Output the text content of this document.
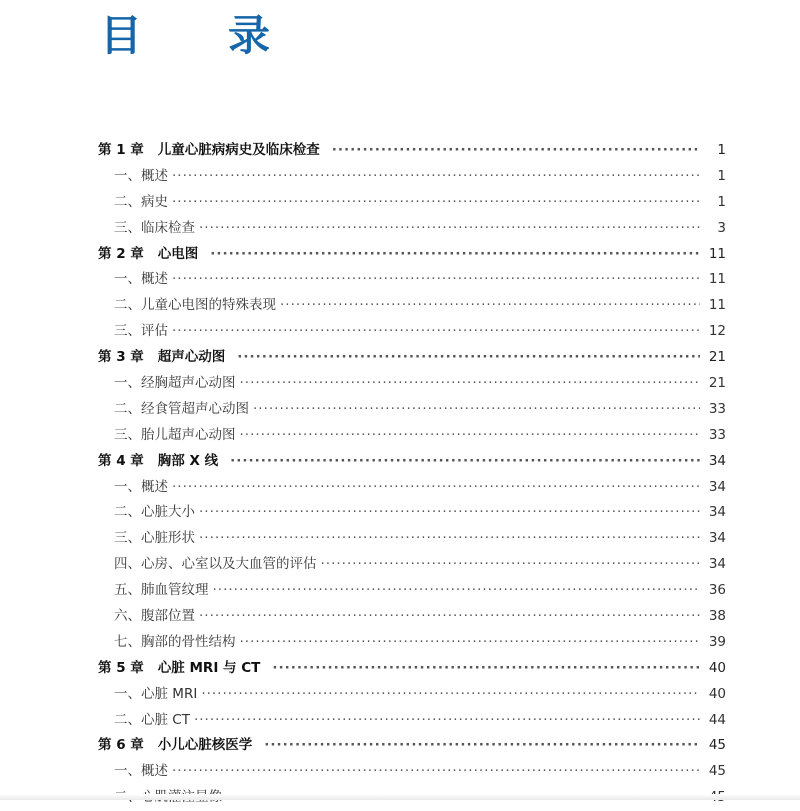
目　录
第 1 章 儿童心脏病病史及临床检查 ·····	1
一、概述 ·····	1
二、病史 ·····	1
三、临床检查 ·····	3
第 2 章 心电图 ·····	11
一、概述 ·····	11
二、儿童心电图的特殊表现 ·····	11
三、评估 ·····	12
第 3 章 超声心动图 ·····	21
一、经胸超声心动图 ·····	21
二、经食管超声心动图 ·····	33
三、胎儿超声心动图 ·····	33
第 4 章 胸部 X 线 ·····	34
一、概述 ·····	34
二、心脏大小 ·····	34
三、心脏形状 ·····	34
四、心房、心室以及大血管的评估 ·····	34
五、肺血管纹理 ·····	36
六、腹部位置 ·····	38
七、胸部的骨性结构 ·····	39
第 5 章 心脏 MRI 与 CT ·····	40
一、心脏 MRI ·····	40
二、心脏 CT ·····	44
第 6 章 小儿心脏核医学 ·····	45
一、概述 ·····	45
·····
